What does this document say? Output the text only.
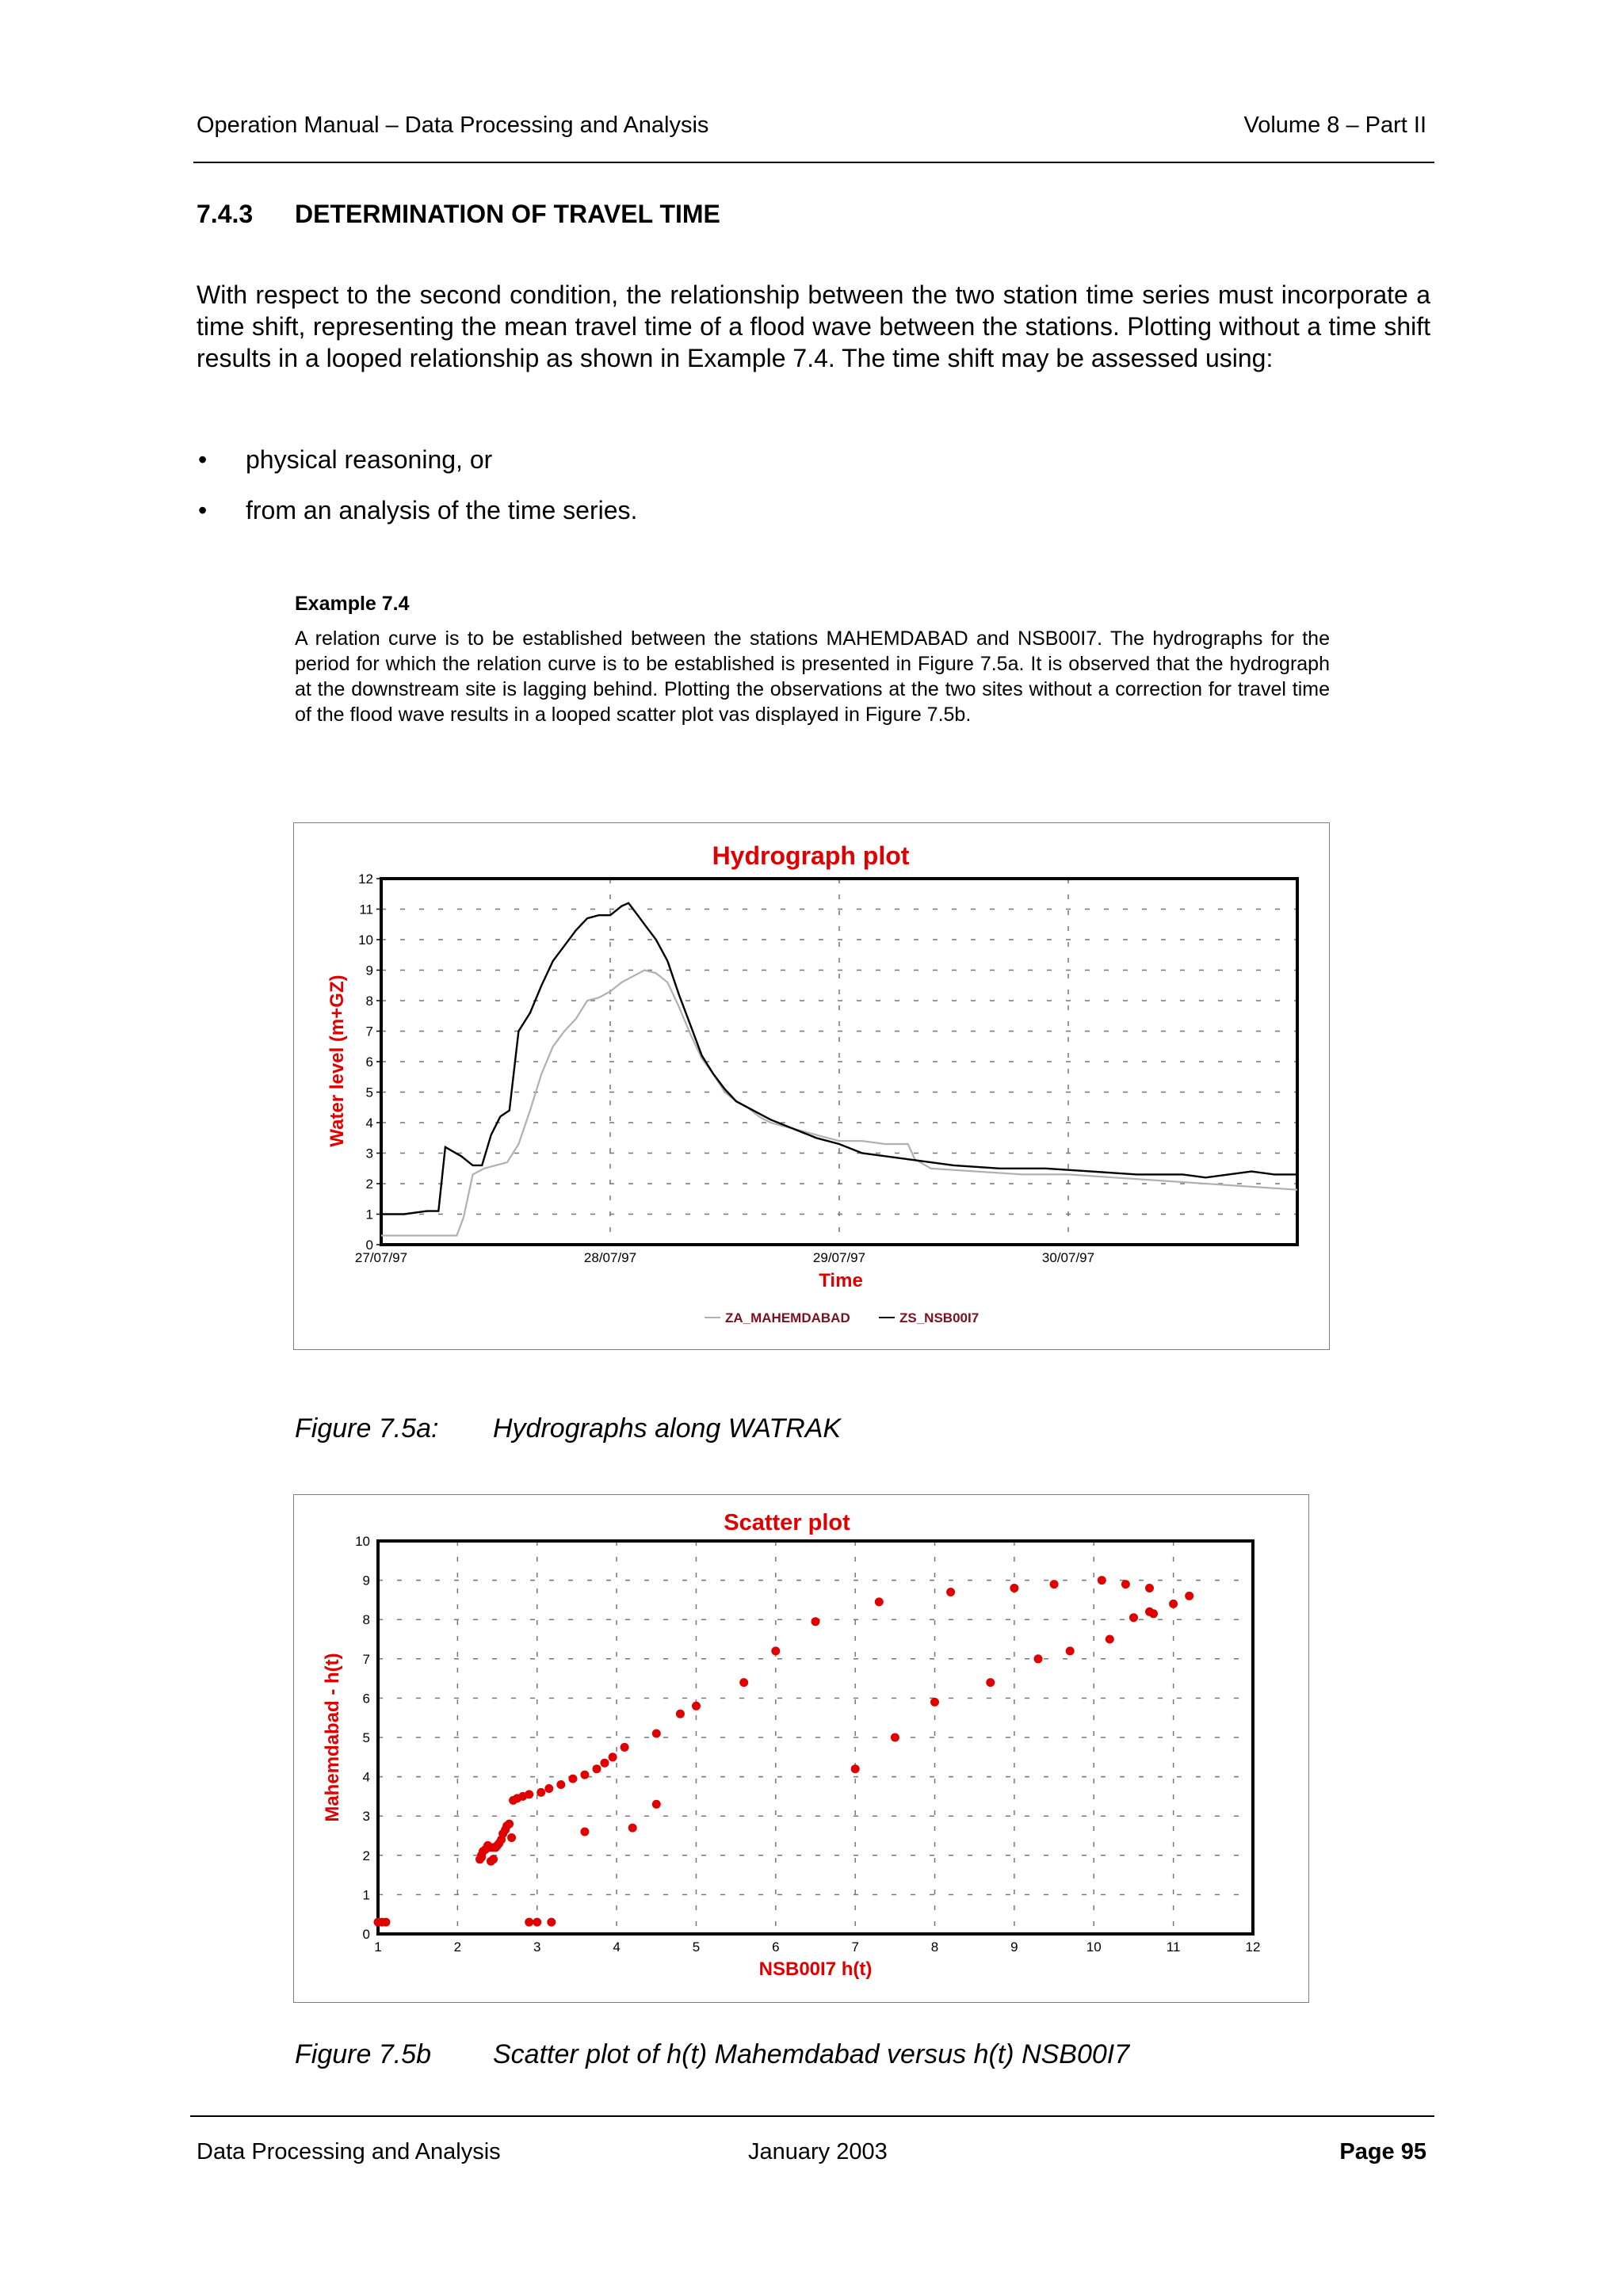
Operation Manual – Data Processing and Analysis	Volume 8 – Part II
7.4.3 DETERMINATION OF TRAVEL TIME

With respect to the second condition, the relationship between the two station time series must incorporate a time shift, representing the mean travel time of a flood wave between the stations. Plotting without a time shift results in a looped relationship as shown in Example 7.4. The time shift may be assessed using:

• physical reasoning, or
• from an analysis of the time series.
Example 7.4

A relation curve is to be established between the stations MAHEMDABAD and NSB00I7. The hydrographs for the period for which the relation curve is to be established is presented in Figure 7.5a. It is observed that the hydrograph at the downstream site is lagging behind. Plotting the observations at the two sites without a correction for travel time of the flood wave results in a looped scatter plot vas displayed in Figure 7.5b.

Hydrograph plot
0
1
2
3
4
5
6
7
8
9
10
11
12
27/07/97	28/07/97	29/07/97	30/07/97
Water level (m+GZ)
Time
ZA_MAHEMDABAD	ZS_NSB00I7
Figure 7.5a: Hydrographs along WATRAK
Scatter plot
0
1
2
3
4
5
6
7
8
9
10
1	2	3	4	5	6	7	8	9	10	11	12
Mahemdabad - h(t)
NSB00I7 h(t)
Figure 7.5b Scatter plot of h(t) Mahemdabad versus h(t) NSB00I7
Data Processing and Analysis	January 2003	Page 95
